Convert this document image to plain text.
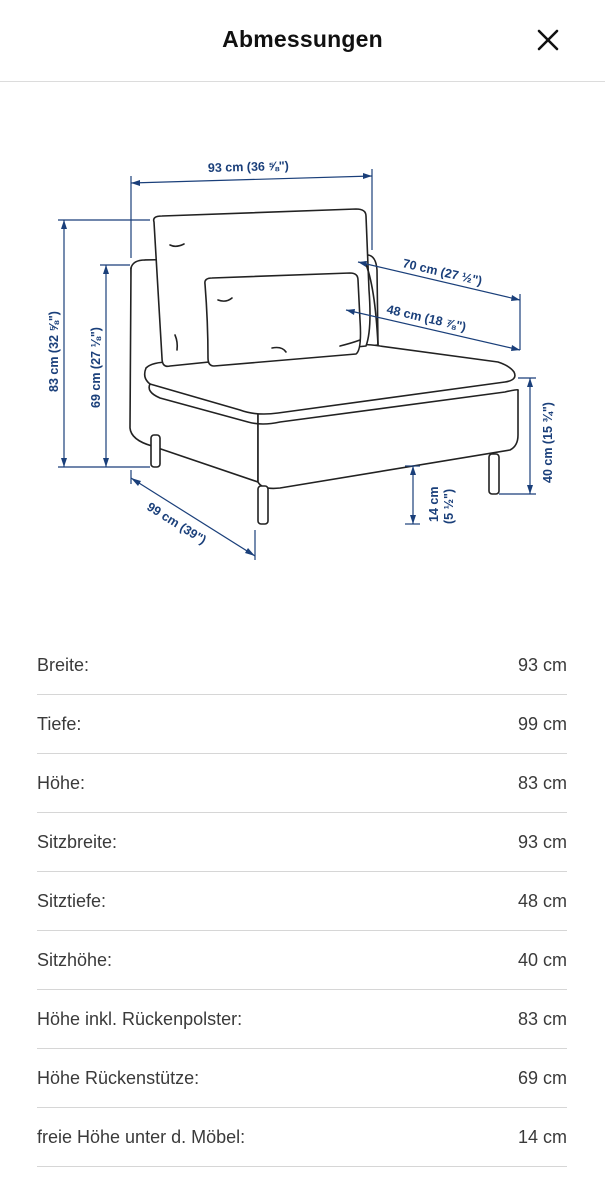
Abmessungen
93 cm (36 ⅝")
83 cm (32 ⅝") 69 cm (27 ⅛")
99 cm (39")
70 cm (27 ½")
48 cm (18 ⅞")
40 cm (15 ¾")
14 cm (5 ½")
Breite:	93 cm
Tiefe:	99 cm
Höhe:	83 cm
Sitzbreite:	93 cm
Sitztiefe:	48 cm
Sitzhöhe:	40 cm
Höhe inkl. Rückenpolster:	83 cm
Höhe Rückenstütze:	69 cm
freie Höhe unter d. Möbel:	14 cm
